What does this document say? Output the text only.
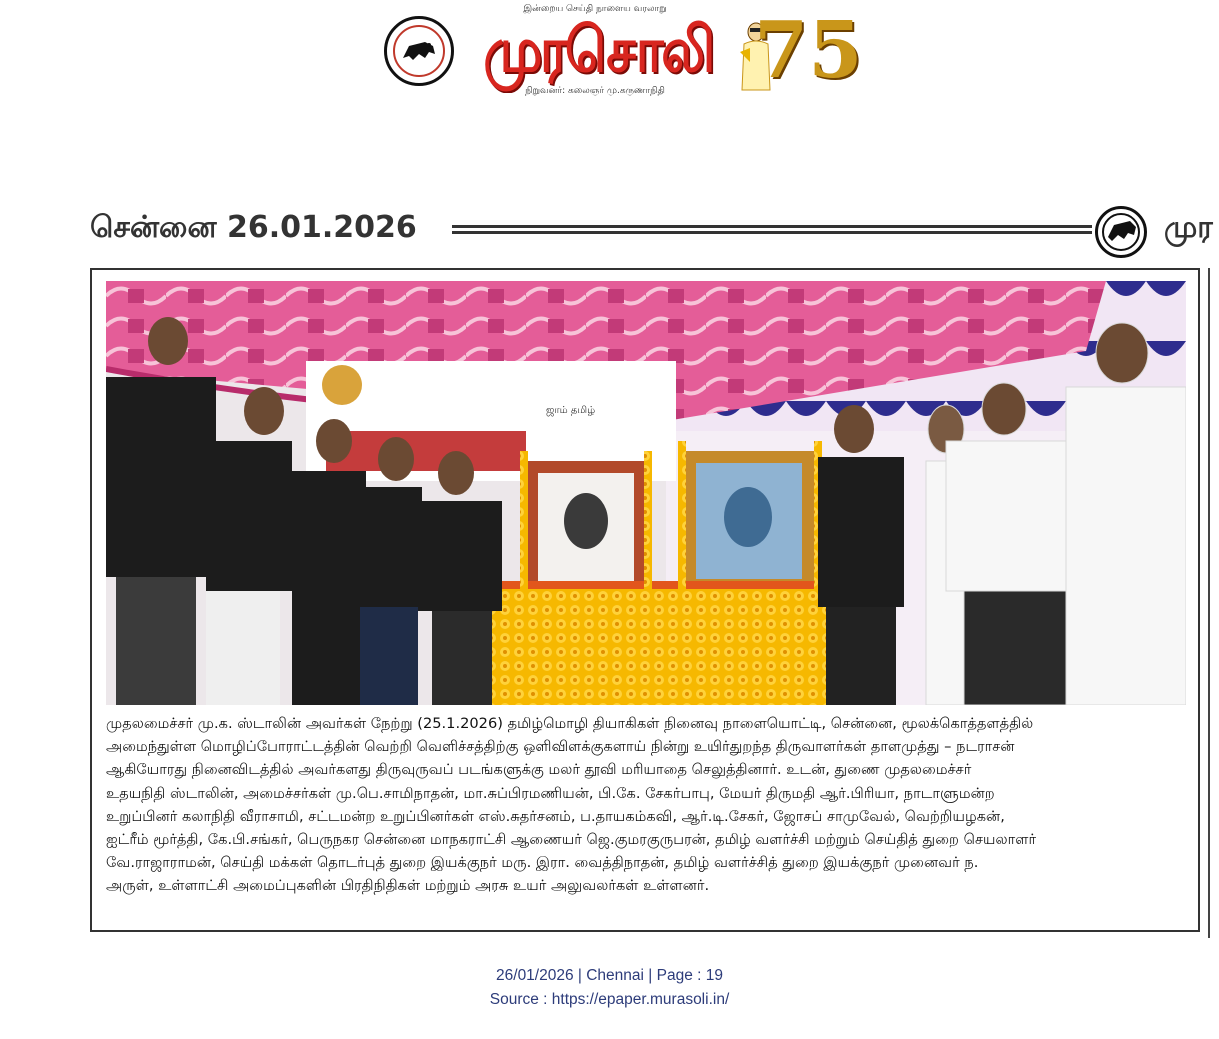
இன்றைய செய்தி நாளைய வரலாறு
முரசொலி
நிறுவனர்: கலைஞர் மு.கருணாநிதி	75
சென்னை 26.01.2026	முர
ஜாம் தமிழ்
முதலமைச்சர் மு.க. ஸ்டாலின் அவர்கள் நேற்று (25.1.2026) தமிழ்மொழி தியாகிகள் நினைவு நாளையொட்டி, சென்னை, மூலக்கொத்தளத்தில்
அமைந்துள்ள மொழிப்போராட்டத்தின் வெற்றி வெளிச்சத்திற்கு ஒளிவிளக்குகளாய் நின்று உயிர்துறந்த திருவாளர்கள் தாளமுத்து – நடராசன்
ஆகியோரது நினைவிடத்தில் அவர்களது திருவுருவப் படங்களுக்கு மலர் தூவி மரியாதை செலுத்தினார். உடன், துணை முதலமைச்சர்
உதயநிதி ஸ்டாலின், அமைச்சர்கள் மு.பெ.சாமிநாதன், மா.சுப்பிரமணியன், பி.கே. சேகர்பாபு, மேயர் திருமதி ஆர்.பிரியா, நாடாளுமன்ற
உறுப்பினர் கலாநிதி வீராசாமி, சட்டமன்ற உறுப்பினர்கள் எஸ்.சுதர்சனம், ப.தாயகம்கவி, ஆர்.டி.சேகர், ஜோசப் சாமுவேல், வெற்றியழகன்,
ஐட்ரீம் மூர்த்தி, கே.பி.சங்கர், பெருநகர சென்னை மாநகராட்சி ஆணையர் ஜெ.குமரகுருபரன், தமிழ் வளர்ச்சி மற்றும் செய்தித் துறை செயலாளர்
வே.ராஜாராமன், செய்தி மக்கள் தொடர்புத் துறை இயக்குநர் மரு. இரா. வைத்திநாதன், தமிழ் வளர்ச்சித் துறை இயக்குநர் முனைவர் ந.
அருள், உள்ளாட்சி அமைப்புகளின் பிரதிநிதிகள் மற்றும் அரசு உயர் அலுவலர்கள் உள்ளனர்.
26/01/2026 | Chennai | Page : 19
Source : https://epaper.murasoli.in/
